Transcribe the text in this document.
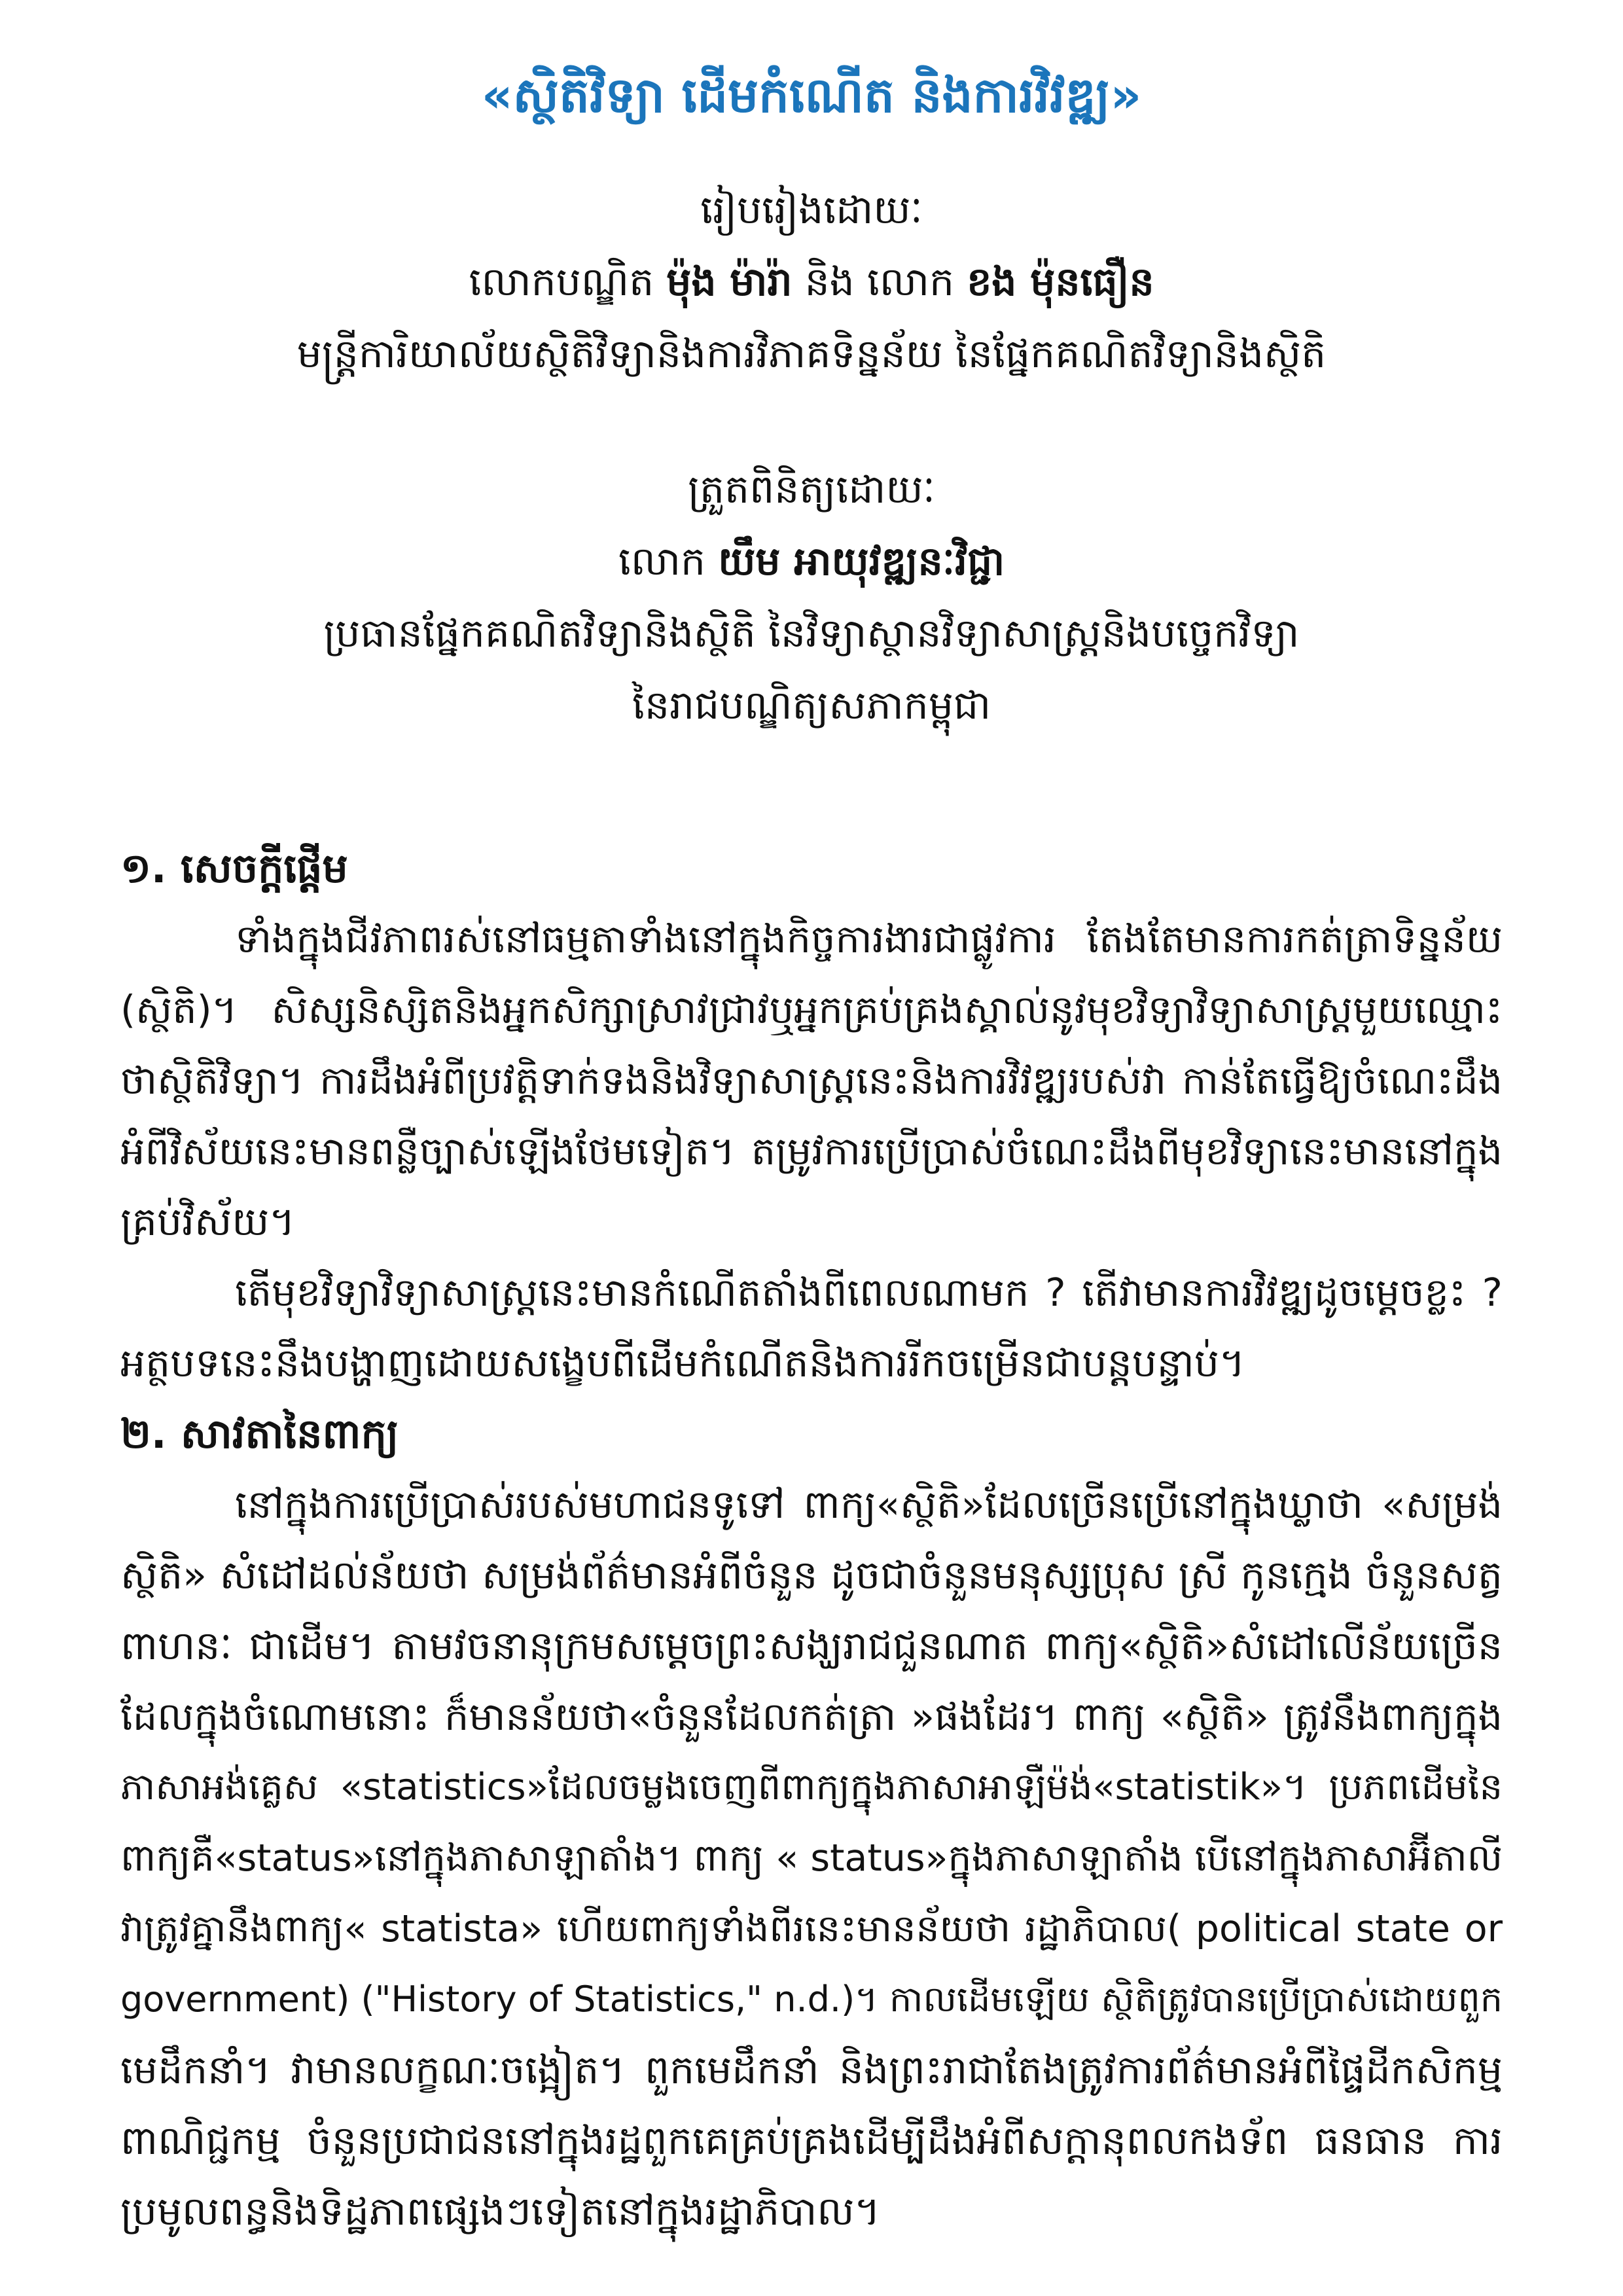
«ស្ថិតិវិទ្យា ដើមកំណើត និងការវិវឌ្ឍ»
រៀបរៀងដោយៈ
លោកបណ្ឌិត ម៉ុង ម៉ារ៉ា និង លោក ខង ម៉ុនធឿន
មន្ត្រីការិយាល័យស្ថិតិវិទ្យានិងការវិភាគទិន្នន័យ នៃផ្នែកគណិតវិទ្យានិងស្ថិតិ
ត្រួតពិនិត្យដោយៈ
លោក យឹម អាយុវឌ្ឍនៈវិជ្ជា
ប្រធានផ្នែកគណិតវិទ្យានិងស្ថិតិ នៃវិទ្យាស្ថានវិទ្យាសាស្ត្រនិងបច្ចេកវិទ្យា
នៃរាជបណ្ឌិត្យសភាកម្ពុជា
១. សេចក្តីផ្តើម
ទាំងក្នុងជីវភាពរស់នៅធម្មតាទាំងនៅក្នុងកិច្ចការងារជាផ្លូវការ តែងតែមានការកត់ត្រាទិន្នន័យ
(ស្ថិតិ)។ សិស្សនិស្សិតនិងអ្នកសិក្សាស្រាវជ្រាវឬអ្នកគ្រប់គ្រងស្គាល់នូវមុខវិទ្យាវិទ្យាសាស្ត្រមួយឈ្មោះ
ថាស្ថិតិវិទ្យា។ ការដឹងអំពីប្រវត្តិទាក់ទងនិងវិទ្យាសាស្ត្រនេះនិងការវិវឌ្ឍរបស់វា កាន់តែធ្វើឱ្យចំណេះដឹង
អំពីវិស័យនេះមានពន្លឺច្បាស់ឡើងថែមទៀត។ តម្រូវការប្រើប្រាស់ចំណេះដឹងពីមុខវិទ្យានេះមាននៅក្នុង
គ្រប់វិស័យ។
តើមុខវិទ្យាវិទ្យាសាស្ត្រនេះមានកំណើតតាំងពីពេលណាមក ? តើវាមានការវិវឌ្ឍដូចម្តេចខ្លះ ?
អត្ថបទនេះនឹងបង្ហាញដោយសង្ខេបពីដើមកំណើតនិងការរីកចម្រើនជាបន្តបន្ទាប់។
២. សាវតានៃពាក្យ
នៅក្នុងការប្រើប្រាស់របស់មហាជនទូទៅ ពាក្យ«ស្ថិតិ»ដែលច្រើនប្រើនៅក្នុងឃ្លាថា «សម្រង់
ស្ថិតិ» សំដៅដល់ន័យថា សម្រង់ព័ត៌មានអំពីចំនួន ដូចជាចំនួនមនុស្សប្រុស ស្រី កូនក្មេង ចំនួនសត្វ
ពាហនៈ ជាដើម។ តាមវចនានុក្រមសម្តេចព្រះសង្ឃរាជជួនណាត ពាក្យ«ស្ថិតិ»សំដៅលើន័យច្រើន
ដែលក្នុងចំណោមនោះ ក៏មានន័យថា«ចំនួនដែលកត់ត្រា »ផងដែរ។ ពាក្យ «ស្ថិតិ» ត្រូវនឹងពាក្យក្នុង
ភាសាអង់គ្លេស «statistics»ដែលចម្លងចេញពីពាក្យក្នុងភាសាអាឡឺម៉ង់«statistik»។ ប្រភពដើមនៃ
ពាក្យគឺ«status»នៅក្នុងភាសាឡាតាំង។ ពាក្យ « status»ក្នុងភាសាឡាតាំង បើនៅក្នុងភាសាអ៊ីតាលី
វាត្រូវគ្នានឹងពាក្យ« statista» ហើយពាក្យទាំងពីរនេះមានន័យថា រដ្ឋាភិបាល( political state or
government) ("History of Statistics," n.d.)។ កាលដើមឡើយ ស្ថិតិត្រូវបានប្រើប្រាស់ដោយពួក
មេដឹកនាំ។ វាមានលក្ខណៈចង្អៀត។ ពួកមេដឹកនាំ និងព្រះរាជាតែងត្រូវការព័ត៌មានអំពីផ្ទៃដីកសិកម្ម
ពាណិជ្ជកម្ម ចំនួនប្រជាជននៅក្នុងរដ្ឋពួកគេគ្រប់គ្រងដើម្បីដឹងអំពីសក្តានុពលកងទ័ព ធនធាន ការ
ប្រមូលពន្ធនិងទិដ្ឋភាពផ្សេងៗទៀតនៅក្នុងរដ្ឋាភិបាល។
